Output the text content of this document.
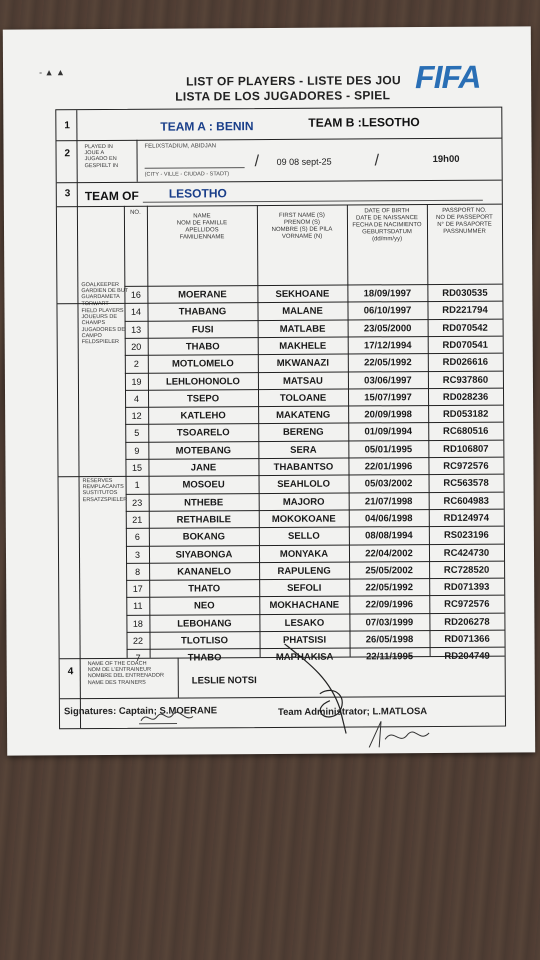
- ▲ ▲
LIST OF PLAYERS - LISTE DES JOU
LISTA DE LOS JUGADORES - SPIEL
FIFA
1	TEAM A : BENIN	TEAM B :LESOTHO
2
PLAYED IN
JOUE A
JUGADO EN
GESPIELT IN
FELIXSTADIUM, ABIDJAN
(CITY - VILLE - CIUDAD - STADT)
/ 09 08 sept-25	/	19h00
3 TEAM OF LESOTHO
NO.
NAME
NOM DE FAMILLE
APELLIDOS
FAMILIENNAME
FIRST NAME (S)
PRENOM (S)
NOMBRE (S) DE PILA
VORNAME (N)
DATE OF BIRTH
DATE DE NAISSANCE
FECHA DE NACIMIENTO
GEBURTSDATUM
(dd/mm/yy)
PASSPORT NO.
NO DE PASSEPORT
N° DE PASAPORTE
PASSNUMMER
GOALKEEPER
GARDIEN DE BUT
GUARDAMETA
TORWART
FIELD PLAYERS
JOUEURS DE
CHAMPS
JUGADORES DE
CAMPO
FELDSPIELER
RESERVES
REMPLACANTS
SUSTITUTOS
ERSATZSPIELER
16	MOERANE	SEKHOANE	18/09/1997	RD030535
14	THABANG	MALANE	06/10/1997	RD221794
13	FUSI	MATLABE	23/05/2000	RD070542
20	THABO	MAKHELE	17/12/1994	RD070541
2	MOTLOMELO	MKWANAZI	22/05/1992	RD026616
19	LEHLOHONOLO	MATSAU	03/06/1997	RC937860
4	TSEPO	TOLOANE	15/07/1997	RD028236
12	KATLEHO	MAKATENG	20/09/1998	RD053182
5	TSOARELO	BERENG	01/09/1994	RC680516
9	MOTEBANG	SERA	05/01/1995	RD106807
15	JANE	THABANTSO	22/01/1996	RC972576
1	MOSOEU	SEAHLOLO	05/03/2002	RC563578
23	NTHEBE	MAJORO	21/07/1998	RC604983
21	RETHABILE	MOKOKOANE	04/06/1998	RD124974
6	BOKANG	SELLO	08/08/1994	RS023196
3	SIYABONGA	MONYAKA	22/04/2002	RC424730
8	KANANELO	RAPULENG	25/05/2002	RC728520
17	THATO	SEFOLI	22/05/1992	RD071393
11	NEO	MOKHACHANE	22/09/1996	RC972576
18	LEBOHANG	LESAKO	07/03/1999	RD206278
22	TLOTLISO	PHATSISI	26/05/1998	RD071366
7	THABO	MAPHAKISA	22/11/1995	RD204749
4
NAME OF THE COACH
NOM DE L'ENTRAINEUR
NOMBRE DEL ENTRENADOR
NAME DES TRAINERS	LESLIE NOTSI
Signatures: Captain; S.MOERANE	Team Administrator; L.MATLOSA
